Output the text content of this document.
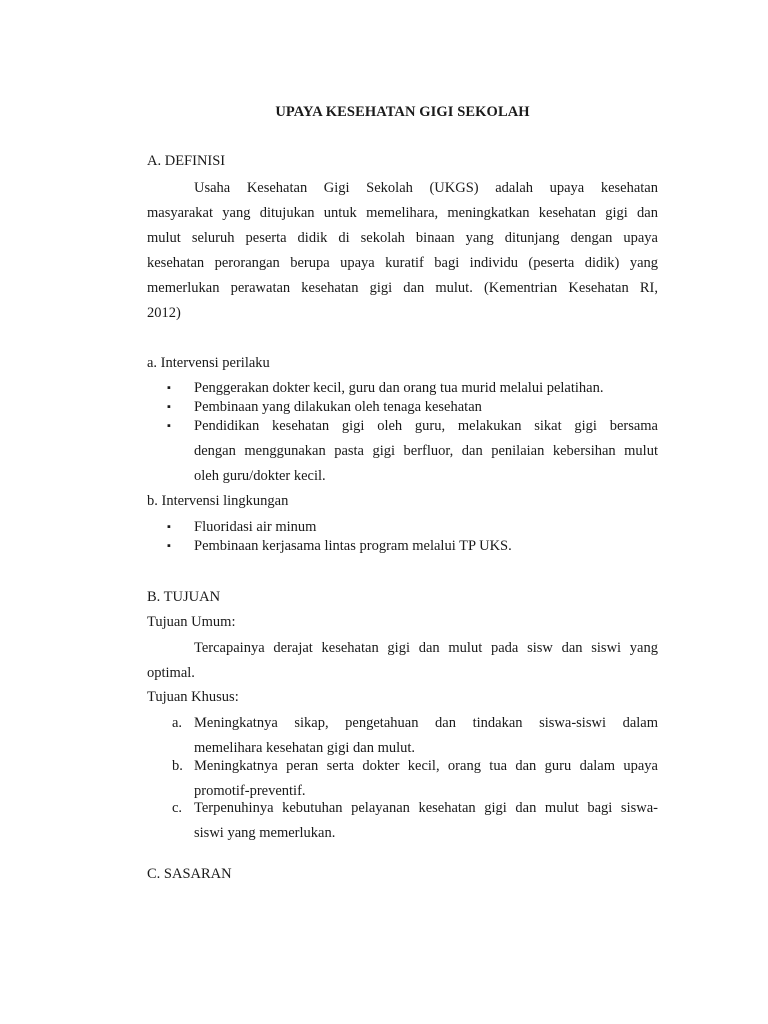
UPAYA KESEHATAN GIGI SEKOLAH
A. DEFINISI
Usaha Kesehatan Gigi Sekolah (UKGS) adalah upaya kesehatan
masyarakat yang ditujukan untuk memelihara, meningkatkan kesehatan gigi dan
mulut seluruh peserta didik di sekolah binaan yang ditunjang dengan upaya
kesehatan perorangan berupa upaya kuratif bagi individu (peserta didik) yang
memerlukan perawatan kesehatan gigi dan mulut. (Kementrian Kesehatan RI,
2012)
a. Intervensi perilaku
▪ Penggerakan dokter kecil, guru dan orang tua murid melalui pelatihan.
▪ Pembinaan yang dilakukan oleh tenaga kesehatan
▪ Pendidikan kesehatan gigi oleh guru, melakukan sikat gigi bersama
dengan menggunakan pasta gigi berfluor, dan penilaian kebersihan mulut
oleh guru/dokter kecil.
b. Intervensi lingkungan
▪ Fluoridasi air minum
▪ Pembinaan kerjasama lintas program melalui TP UKS.
B. TUJUAN
Tujuan Umum:
Tercapainya derajat kesehatan gigi dan mulut pada sisw dan siswi yang
optimal.
Tujuan Khusus:
a. Meningkatnya sikap, pengetahuan dan tindakan siswa-siswi dalam
memelihara kesehatan gigi dan mulut.
b. Meningkatnya peran serta dokter kecil, orang tua dan guru dalam upaya
promotif-preventif.
c. Terpenuhinya kebutuhan pelayanan kesehatan gigi dan mulut bagi siswa-
siswi yang memerlukan.
C. SASARAN
